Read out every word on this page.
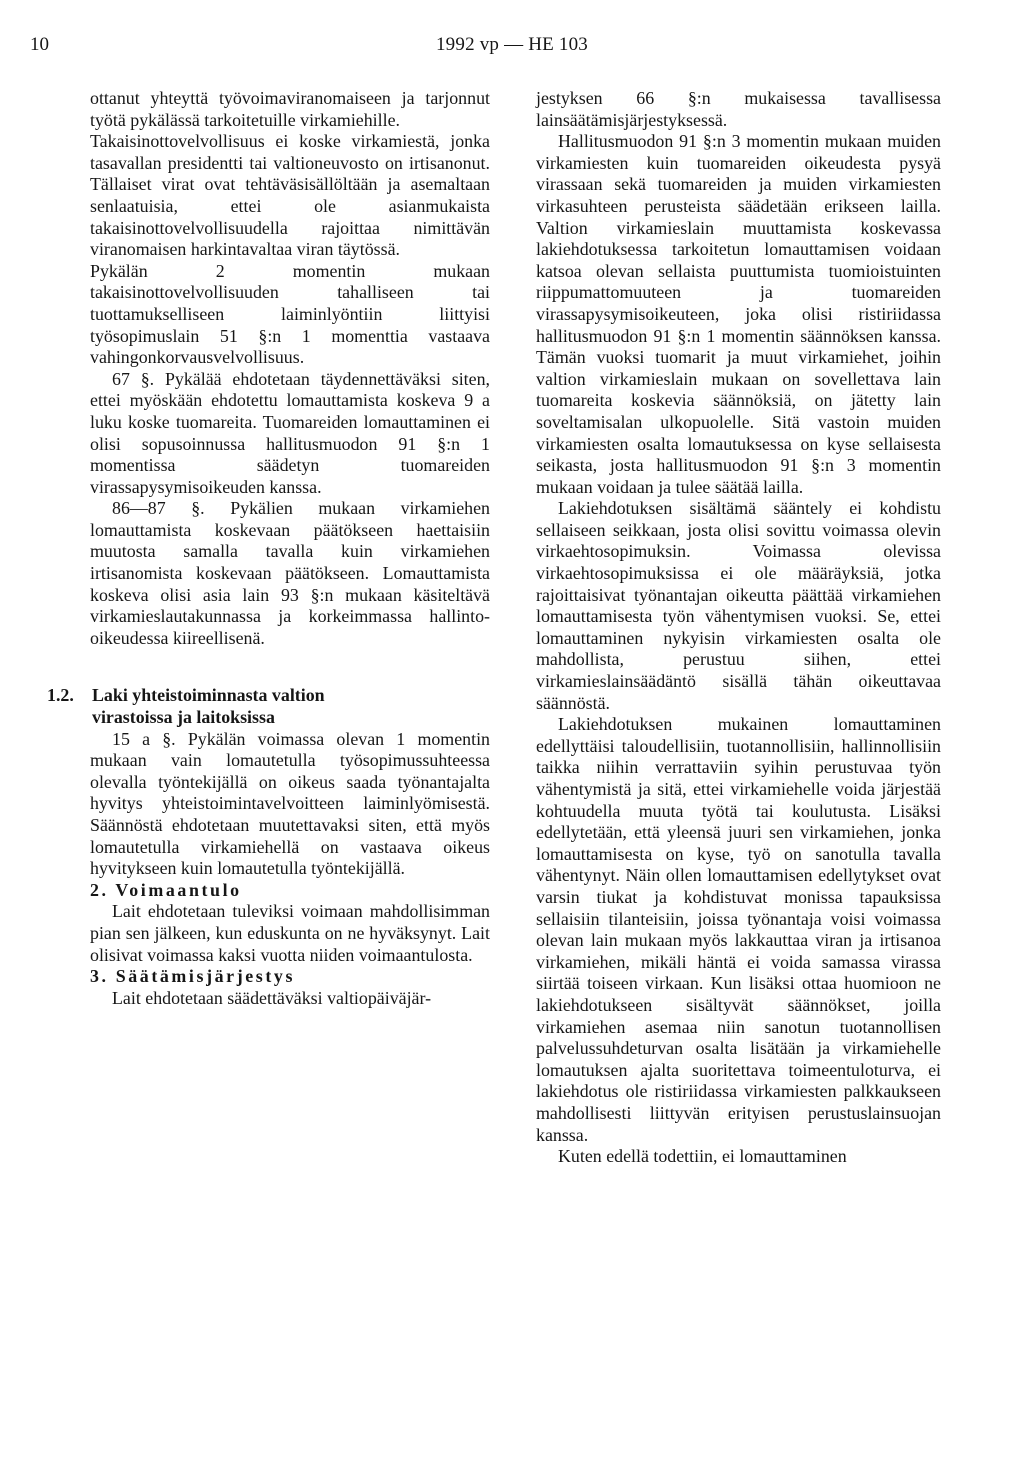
10	1992 vp — HE 103

ottanut yhteyttä työvoimaviranomaiseen ja tarjonnut työtä pykälässä tarkoitetuille virkamiehille.

Takaisinottovelvollisuus ei koske virkamiestä, jonka tasavallan presidentti tai valtioneuvosto on irtisanonut. Tällaiset virat ovat tehtäväsisällöltään ja asemaltaan senlaatuisia, ettei ole asianmukaista takaisinottovelvollisuudella rajoittaa nimittävän viranomaisen harkintavaltaa viran täytössä.

Pykälän 2 momentin mukaan takaisinottovelvollisuuden tahalliseen tai tuottamukselliseen laiminlyöntiin liittyisi työsopimuslain 51 §:n 1 momenttia vastaava vahingonkorvausvelvollisuus.

67 §. Pykälää ehdotetaan täydennettäväksi siten, ettei myöskään ehdotettu lomauttamista koskeva 9 a luku koske tuomareita. Tuomareiden lomauttaminen ei olisi sopusoinnussa hallitusmuodon 91 §:n 1 momentissa säädetyn tuomareiden virassapysymisoikeuden kanssa.

86—87 §. Pykälien mukaan virkamiehen lomauttamista koskevaan päätökseen haettaisiin muutosta samalla tavalla kuin virkamiehen irtisanomista koskevaan päätökseen. Lomauttamista koskeva olisi asia lain 93 §:n mukaan käsiteltävä virkamieslautakunnassa ja korkeimmassa hallinto-oikeudessa kiireellisenä.

1.2.	Laki yhteistoiminnasta valtion virastoissa ja laitoksissa

15 a §. Pykälän voimassa olevan 1 momentin mukaan vain lomautetulla työsopimussuhteessa olevalla työntekijällä on oikeus saada työnantajalta hyvitys yhteistoimintavelvoitteen laiminlyömisestä. Säännöstä ehdotetaan muutettavaksi siten, että myös lomautetulla virkamiehellä on vastaava oikeus hyvitykseen kuin lomautetulla työntekijällä.

2. Voimaantulo

Lait ehdotetaan tuleviksi voimaan mahdollisimman pian sen jälkeen, kun eduskunta on ne hyväksynyt. Lait olisivat voimassa kaksi vuotta niiden voimaantulosta.

3. Säätämisjärjestys

Lait ehdotetaan säädettäväksi valtiopäiväjär-

jestyksen 66 §:n mukaisessa tavallisessa lainsäätämisjärjestyksessä.

Hallitusmuodon 91 §:n 3 momentin mukaan muiden virkamiesten kuin tuomareiden oikeudesta pysyä virassaan sekä tuomareiden ja muiden virkamiesten virkasuhteen perusteista säädetään erikseen lailla. Valtion virkamieslain muuttamista koskevassa lakiehdotuksessa tarkoitetun lomauttamisen voidaan katsoa olevan sellaista puuttumista tuomioistuinten riippumattomuuteen ja tuomareiden virassapysymisoikeuteen, joka olisi ristiriidassa hallitusmuodon 91 §:n 1 momentin säännöksen kanssa. Tämän vuoksi tuomarit ja muut virkamiehet, joihin valtion virkamieslain mukaan on sovellettava lain tuomareita koskevia säännöksiä, on jätetty lain soveltamisalan ulkopuolelle. Sitä vastoin muiden virkamiesten osalta lomautuksessa on kyse sellaisesta seikasta, josta hallitusmuodon 91 §:n 3 momentin mukaan voidaan ja tulee säätää lailla.

Lakiehdotuksen sisältämä sääntely ei kohdistu sellaiseen seikkaan, josta olisi sovittu voimassa olevin virkaehtosopimuksin. Voimassa olevissa virkaehtosopimuksissa ei ole määräyksiä, jotka rajoittaisivat työnantajan oikeutta päättää virkamiehen lomauttamisesta työn vähentymisen vuoksi. Se, ettei lomauttaminen nykyisin virkamiesten osalta ole mahdollista, perustuu siihen, ettei virkamieslainsäädäntö sisällä tähän oikeuttavaa säännöstä.

Lakiehdotuksen mukainen lomauttaminen edellyttäisi taloudellisiin, tuotannollisiin, hallinnollisiin taikka niihin verrattaviin syihin perustuvaa työn vähentymistä ja sitä, ettei virkamiehelle voida järjestää kohtuudella muuta työtä tai koulutusta. Lisäksi edellytetään, että yleensä juuri sen virkamiehen, jonka lomauttamisesta on kyse, työ on sanotulla tavalla vähentynyt. Näin ollen lomauttamisen edellytykset ovat varsin tiukat ja kohdistuvat monissa tapauksissa sellaisiin tilanteisiin, joissa työnantaja voisi voimassa olevan lain mukaan myös lakkauttaa viran ja irtisanoa virkamiehen, mikäli häntä ei voida samassa virassa siirtää toiseen virkaan. Kun lisäksi ottaa huomioon ne lakiehdotukseen sisältyvät säännökset, joilla virkamiehen asemaa niin sanotun tuotannollisen palvelussuhdeturvan osalta lisätään ja virkamiehelle lomautuksen ajalta suoritettava toimeentuloturva, ei lakiehdotus ole ristiriidassa virkamiesten palkkaukseen mahdollisesti liittyvän erityisen perustuslainsuojan kanssa.

Kuten edellä todettiin, ei lomauttaminen
